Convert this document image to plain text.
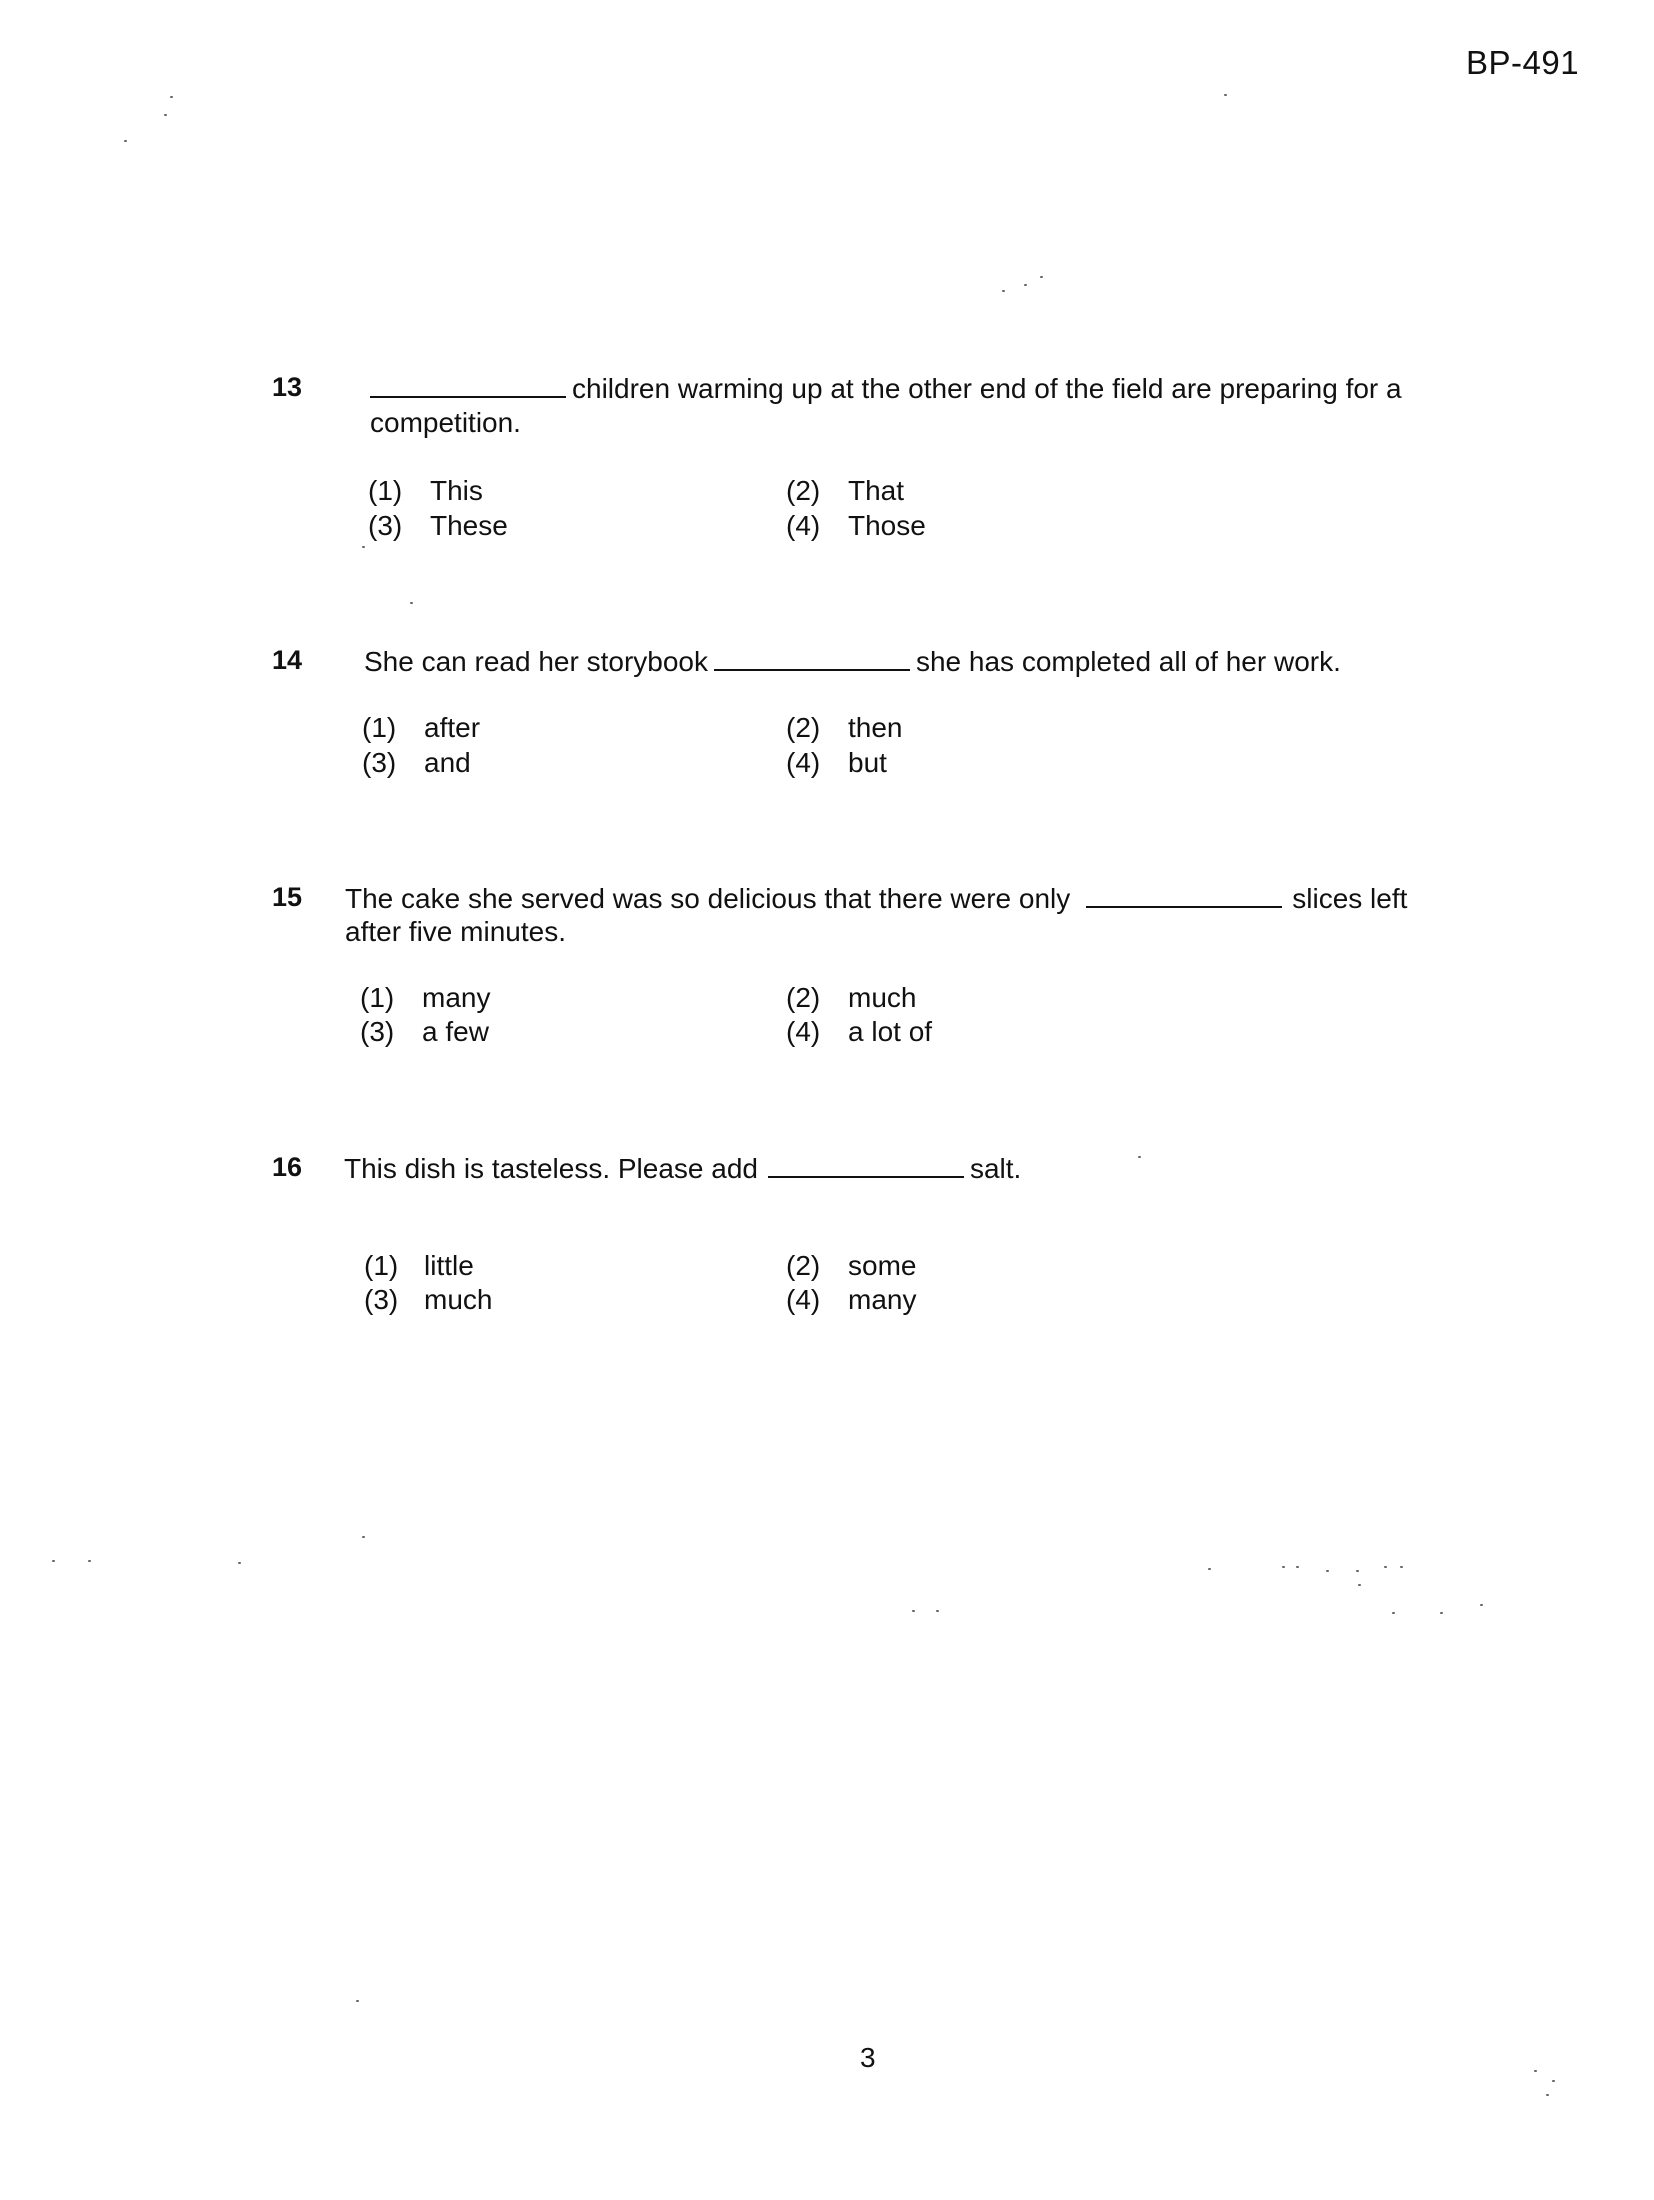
BP-491
13	children warming up at the other end of the field are preparing for a
competition.
(1) This	(2) That
(3) These	(4) Those
14 She can read her storybook	she has completed all of her work.
(1) after	(2) then
(3) and	(4) but
15 The cake she served was so delicious that there were only	slices left
after five minutes.
(1) many	(2) much
(3) a few	(4) a lot of
16 This dish is tasteless. Please add	salt.
(1) little	(2) some
(3) much	(4) many
3
